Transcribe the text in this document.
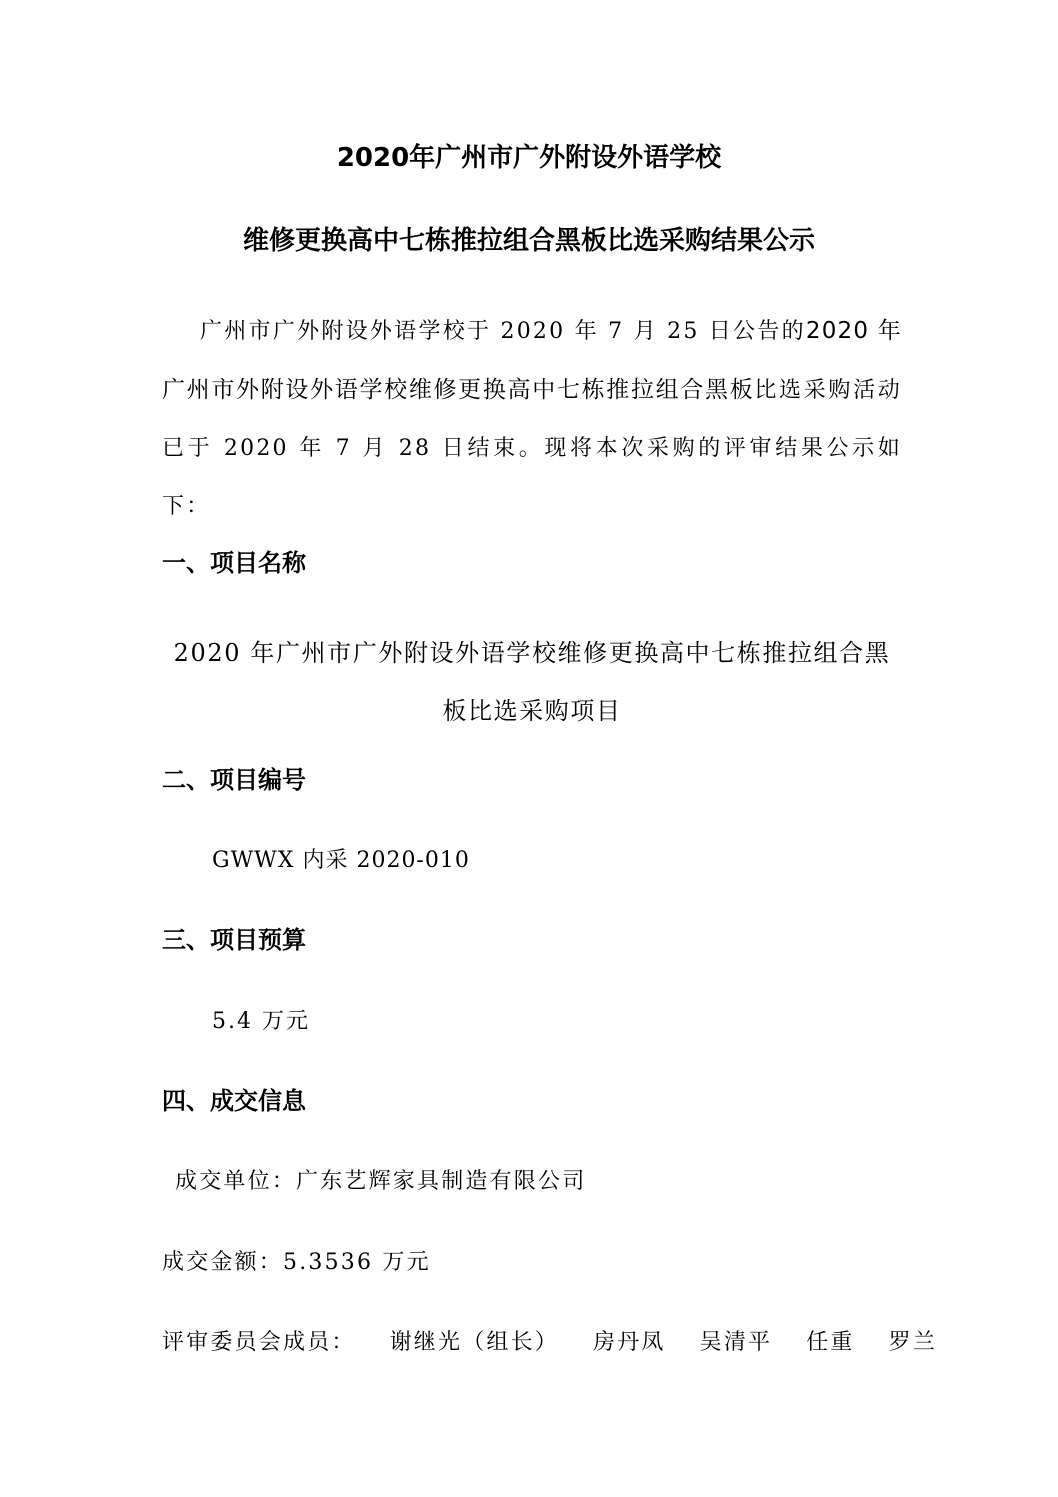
2020年广州市广外附设外语学校
维修更换高中七栋推拉组合黑板比选采购结果公示
广州市广外附设外语学校于 2020 年 7 月 25 日公告的2020 年广州市外附设外语学校维修更换高中七栋推拉组合黑板比选采购活动已于 2020 年 7 月 28 日结束。现将本次采购的评审结果公示如下：
一、项目名称
2020 年广州市广外附设外语学校维修更换高中七栋推拉组合黑板比选采购项目
二、项目编号
GWWX 内采 2020-010
三、项目预算
5.4 万元
四、成交信息
成交单位：广东艺辉家具制造有限公司
成交金额：5.3536 万元
评审委员会成员： 谢继光（组长） 房丹凤 吴清平 任重 罗兰
